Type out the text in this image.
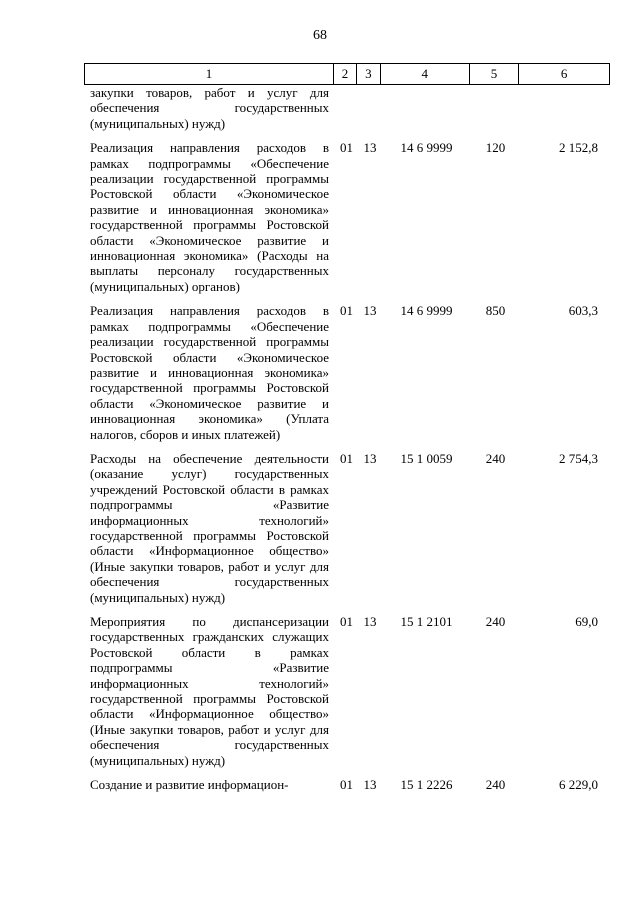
68
1	2	3	4	5	6
закупки товаров, работ и услуг для обеспечения государственных (муниципальных) нужд)
Реализация направления расходов в рамках подпрограммы «Обеспечение реализации государственной программы Ростовской области «Экономическое развитие и инновационная экономика» государственной программы Ростовской области «Экономическое развитие и инновационная экономика» (Расходы на выплаты персоналу государственных (муниципальных) органов)
01 13	14 6 9999	120	2 152,8
Реализация направления расходов в рамках подпрограммы «Обеспечение реализации государственной программы Ростовской области «Экономическое развитие и инновационная экономика» государственной программы Ростовской области «Экономическое развитие и инновационная экономика» (Уплата налогов, сборов и иных платежей)
01 13	14 6 9999	850	603,3
Расходы на обеспечение деятельности (оказание услуг) государственных учреждений Ростовской области в рамках подпрограммы «Развитие информационных технологий» государственной программы Ростовской области «Информационное общество» (Иные закупки товаров, работ и услуг для обеспечения государственных (муниципальных) нужд)
01 13	15 1 0059	240	2 754,3
Мероприятия по диспансеризации государственных гражданских служащих Ростовской области в рамках подпрограммы «Развитие информационных технологий» государственной программы Ростовской области «Информационное общество» (Иные закупки товаров, работ и услуг для обеспечения государственных (муниципальных) нужд)
01 13	15 1 2101	240	69,0
Создание и развитие информацион-	01 13	15 1 2226	240	6 229,0
